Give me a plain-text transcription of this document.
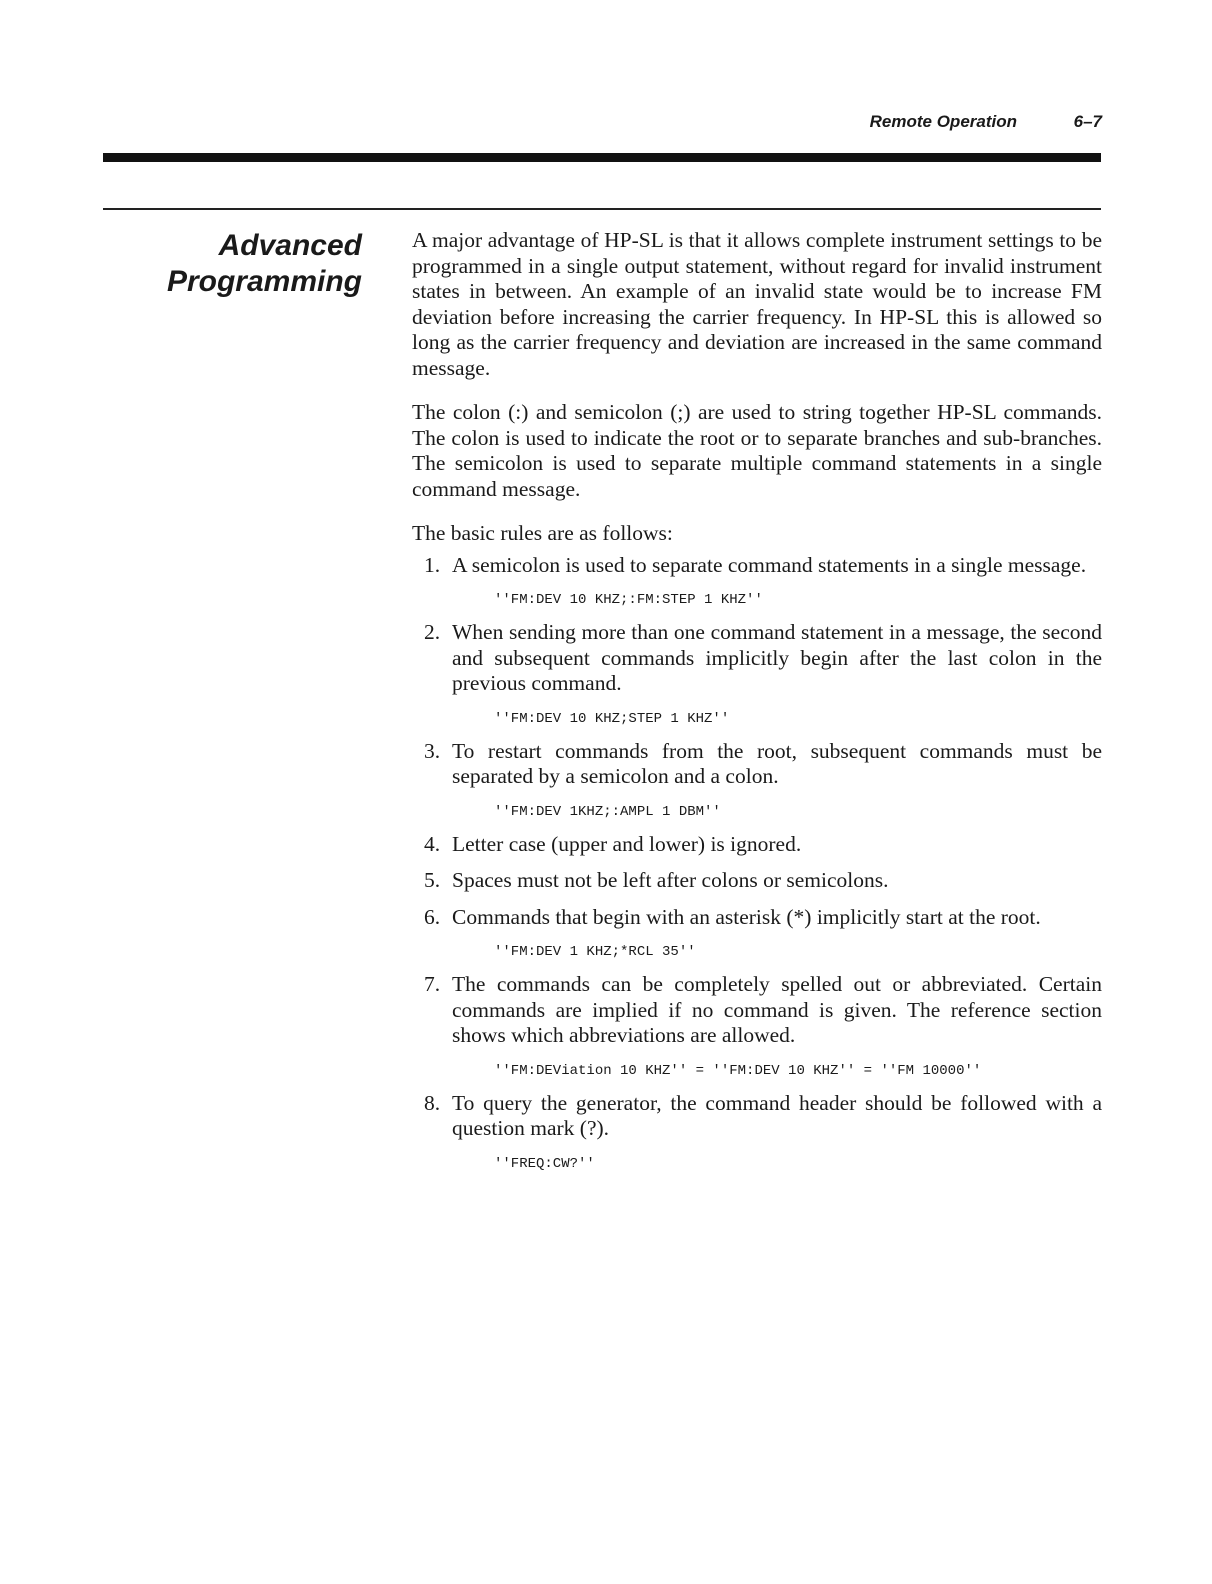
Remote Operation	6–7
Advanced
Programming

A major advantage of HP-SL is that it allows complete instrument settings to be programmed in a single output statement, without regard for invalid instrument states in between. An example of an invalid state would be to increase FM deviation before increasing the carrier frequency. In HP-SL this is allowed so long as the carrier frequency and deviation are increased in the same command message.

The colon (:) and semicolon (;) are used to string together HP-SL commands. The colon is used to indicate the root or to separate branches and sub-branches. The semicolon is used to separate multiple command statements in a single command message.

The basic rules are as follows:

1. A semicolon is used to separate command statements in a single message.
''FM:DEV 10 KHZ;:FM:STEP 1 KHZ''
2. When sending more than one command statement in a message, the second and subsequent commands implicitly begin after the last colon in the previous command.
''FM:DEV 10 KHZ;STEP 1 KHZ''
3. To restart commands from the root, subsequent commands must be separated by a semicolon and a colon.
''FM:DEV 1KHZ;:AMPL 1 DBM''
4. Letter case (upper and lower) is ignored.
5. Spaces must not be left after colons or semicolons.
6. Commands that begin with an asterisk (*) implicitly start at the root.
''FM:DEV 1 KHZ;*RCL 35''
7. The commands can be completely spelled out or abbreviated. Certain commands are implied if no command is given. The reference section shows which abbreviations are allowed.
''FM:DEViation 10 KHZ'' = ''FM:DEV 10 KHZ'' = ''FM 10000''
8. To query the generator, the command header should be followed with a question mark (?).
''FREQ:CW?''
